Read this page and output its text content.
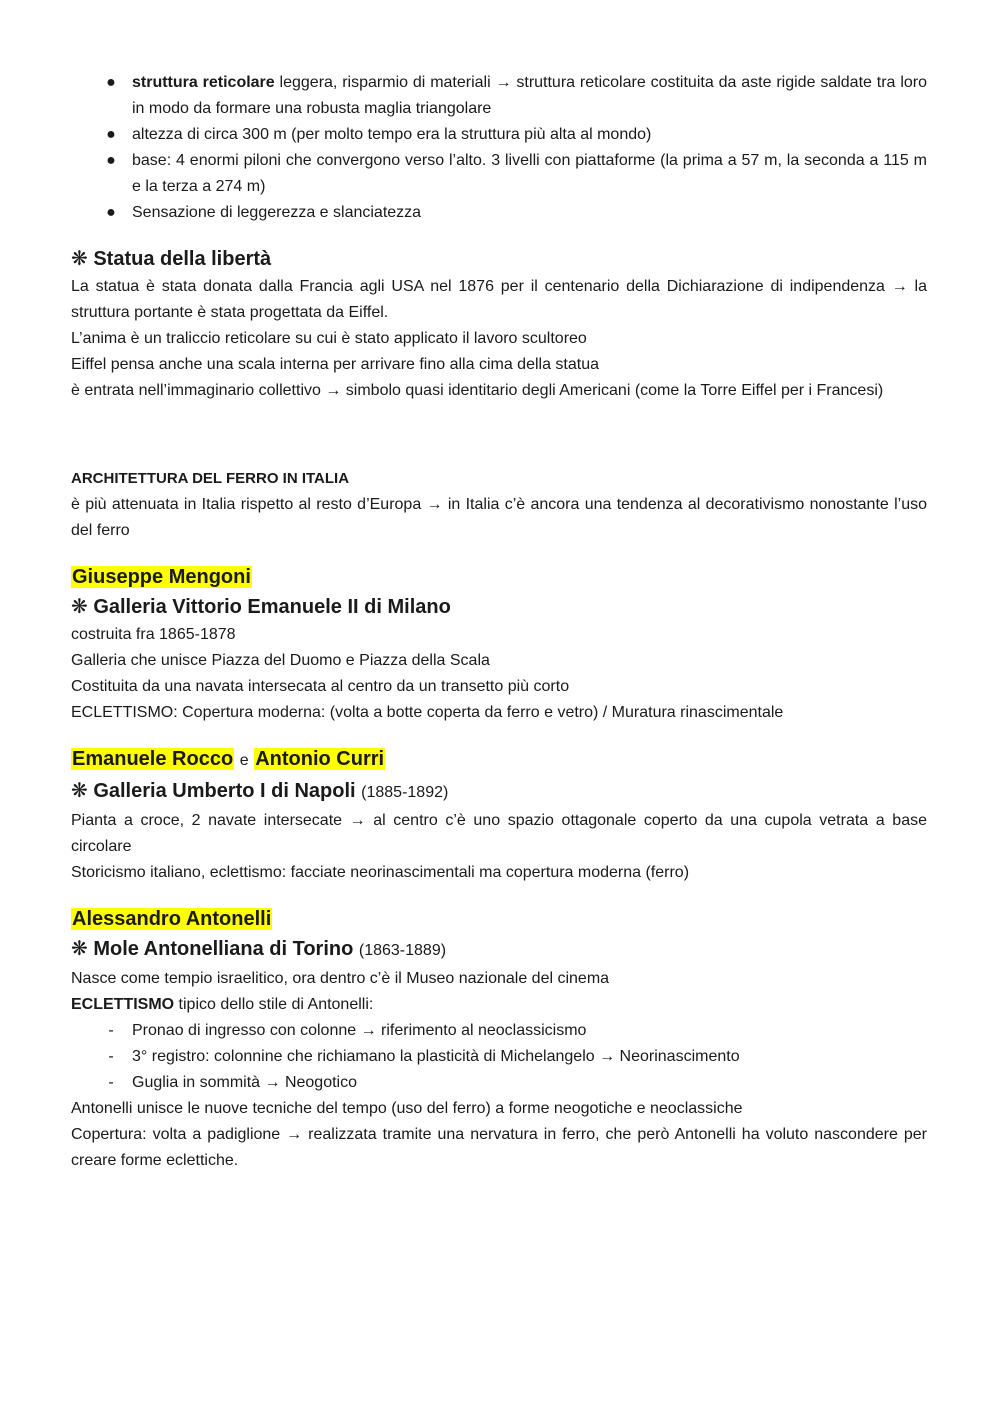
● struttura reticolare leggera, risparmio di materiali → struttura reticolare costituita da aste rigide saldate tra loro in modo da formare una robusta maglia triangolare
● altezza di circa 300 m (per molto tempo era la struttura più alta al mondo)
● base: 4 enormi piloni che convergono verso l’alto. 3 livelli con piattaforme (la prima a 57 m, la seconda a 115 m e la terza a 274 m)
● Sensazione di leggerezza e slanciatezza

❋ Statua della libertà

La statua è stata donata dalla Francia agli USA nel 1876 per il centenario della Dichiarazione di indipendenza → la struttura portante è stata progettata da Eiffel.

L’anima è un traliccio reticolare su cui è stato applicato il lavoro scultoreo

Eiffel pensa anche una scala interna per arrivare fino alla cima della statua

è entrata nell’immaginario collettivo → simbolo quasi identitario degli Americani (come la Torre Eiffel per i Francesi)

ARCHITETTURA DEL FERRO IN ITALIA

è più attenuata in Italia rispetto al resto d’Europa → in Italia c’è ancora una tendenza al decorativismo nonostante l’uso del ferro

Giuseppe Mengoni

❋ Galleria Vittorio Emanuele II di Milano

costruita fra 1865-1878

Galleria che unisce Piazza del Duomo e Piazza della Scala

Costituita da una navata intersecata al centro da un transetto più corto

ECLETTISMO: Copertura moderna: (volta a botte coperta da ferro e vetro) / Muratura rinascimentale

Emanuele Rocco e Antonio Curri

❋ Galleria Umberto I di Napoli (1885-1892)

Pianta a croce, 2 navate intersecate → al centro c’è uno spazio ottagonale coperto da una cupola vetrata a base circolare

Storicismo italiano, eclettismo: facciate neorinascimentali ma copertura moderna (ferro)

Alessandro Antonelli

❋ Mole Antonelliana di Torino (1863-1889)

Nasce come tempio israelitico, ora dentro c’è il Museo nazionale del cinema

ECLETTISMO tipico dello stile di Antonelli:

- Pronao di ingresso con colonne → riferimento al neoclassicismo
- 3° registro: colonnine che richiamano la plasticità di Michelangelo → Neorinascimento
- Guglia in sommità → Neogotico

Antonelli unisce le nuove tecniche del tempo (uso del ferro) a forme neogotiche e neoclassiche

Copertura: volta a padiglione → realizzata tramite una nervatura in ferro, che però Antonelli ha voluto nascondere per creare forme eclettiche.
